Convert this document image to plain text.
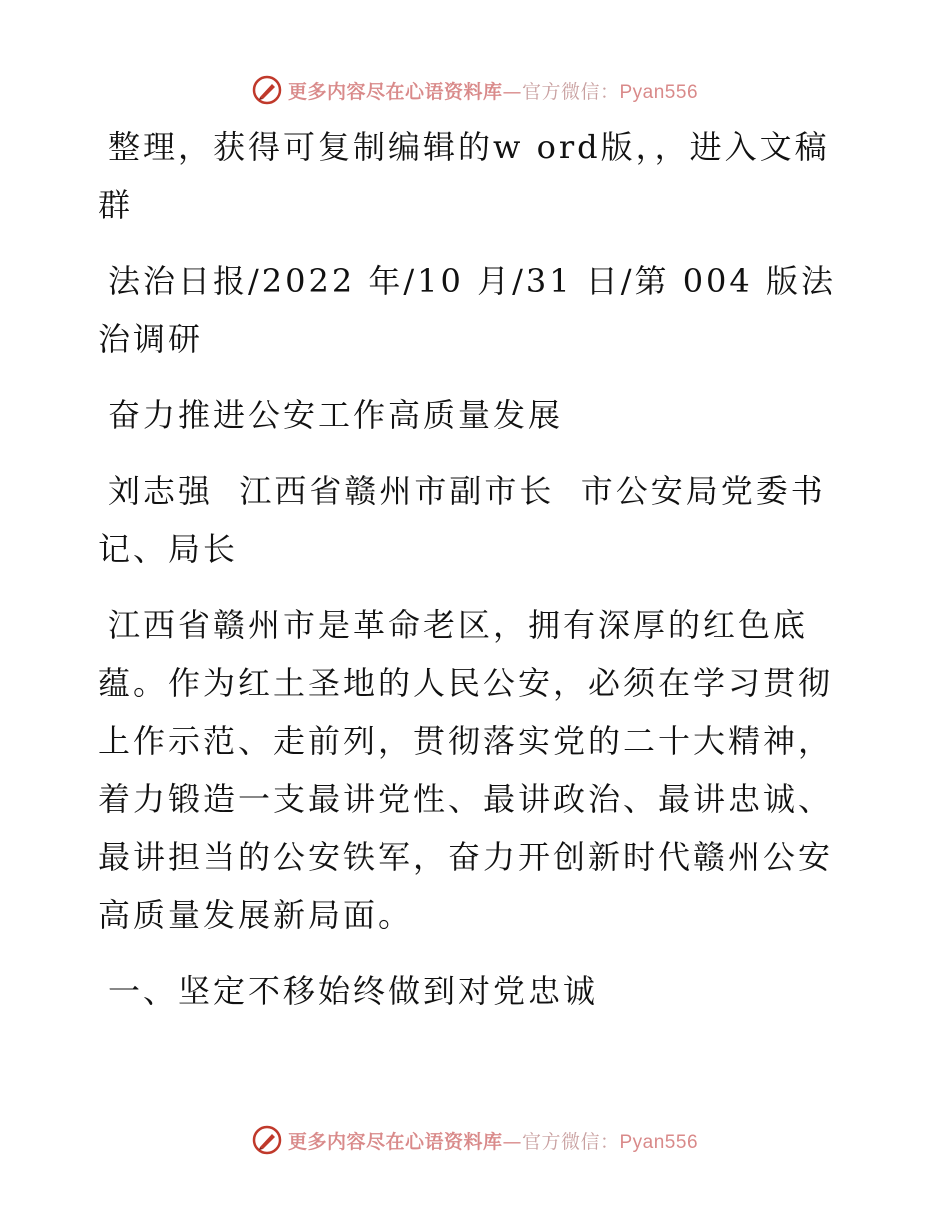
更多内容尽在心语资料库—官方微信：Pyan556

整理，获得可复制编辑的w ord版，，进入文稿群

法治日报/2022 年/10 月/31 日/第 004 版法治调研

奋力推进公安工作高质量发展

刘志强  江西省赣州市副市长  市公安局党委书记、局长

江西省赣州市是革命老区，拥有深厚的红色底蕴。作为红土圣地的人民公安，必须在学习贯彻上作示范、走前列，贯彻落实党的二十大精神，着力锻造一支最讲党性、最讲政治、最讲忠诚、最讲担当的公安铁军，奋力开创新时代赣州公安高质量发展新局面。

一、坚定不移始终做到对党忠诚

更多内容尽在心语资料库—官方微信：Pyan556
